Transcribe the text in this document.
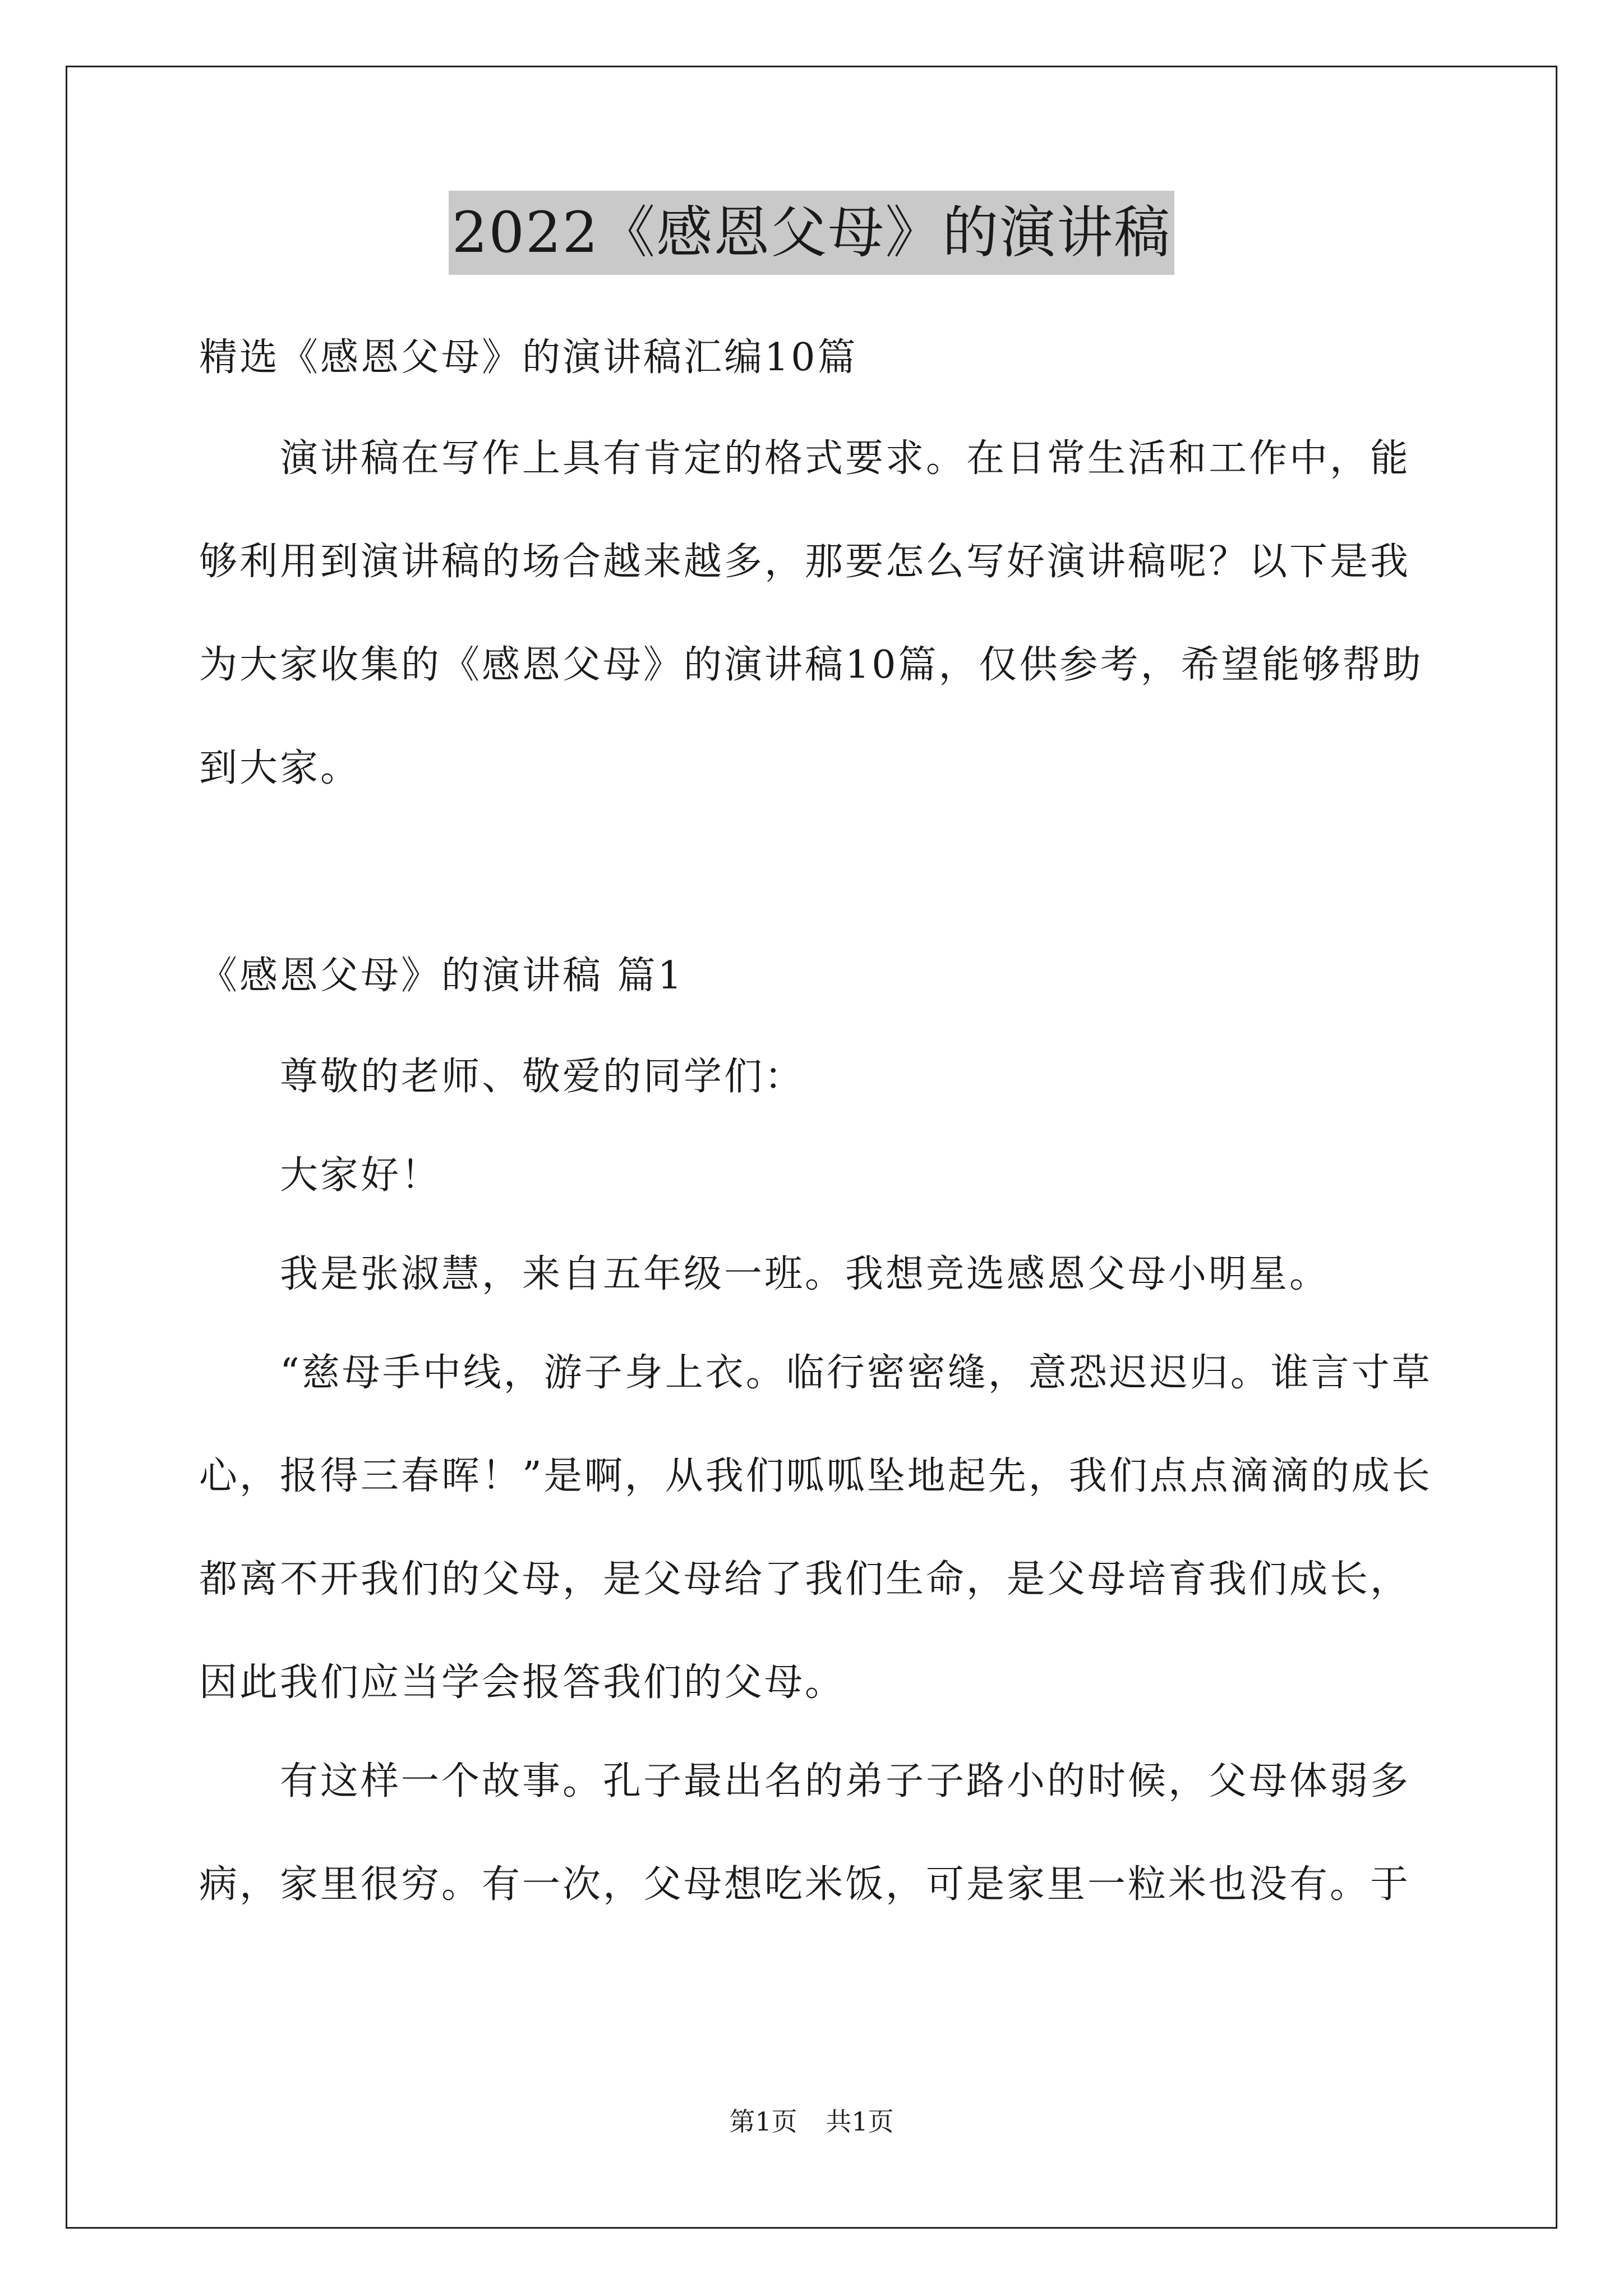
2022《感恩父母》的演讲稿

精选《感恩父母》的演讲稿汇编10篇

演讲稿在写作上具有肯定的格式要求。在日常生活和工作中，能够利用到演讲稿的场合越来越多，那要怎么写好演讲稿呢？以下是我为大家收集的《感恩父母》的演讲稿10篇，仅供参考，希望能够帮助到大家。

《感恩父母》的演讲稿 篇1

尊敬的老师、敬爱的同学们：

大家好！

我是张淑慧，来自五年级一班。我想竞选感恩父母小明星。

“慈母手中线，游子身上衣。临行密密缝，意恐迟迟归。谁言寸草心，报得三春晖！”是啊，从我们呱呱坠地起先，我们点点滴滴的成长都离不开我们的父母，是父母给了我们生命，是父母培育我们成长，因此我们应当学会报答我们的父母。

有这样一个故事。孔子最出名的弟子子路小的时候，父母体弱多病，家里很穷。有一次，父母想吃米饭，可是家里一粒米也没有。于

第1页 共1页
